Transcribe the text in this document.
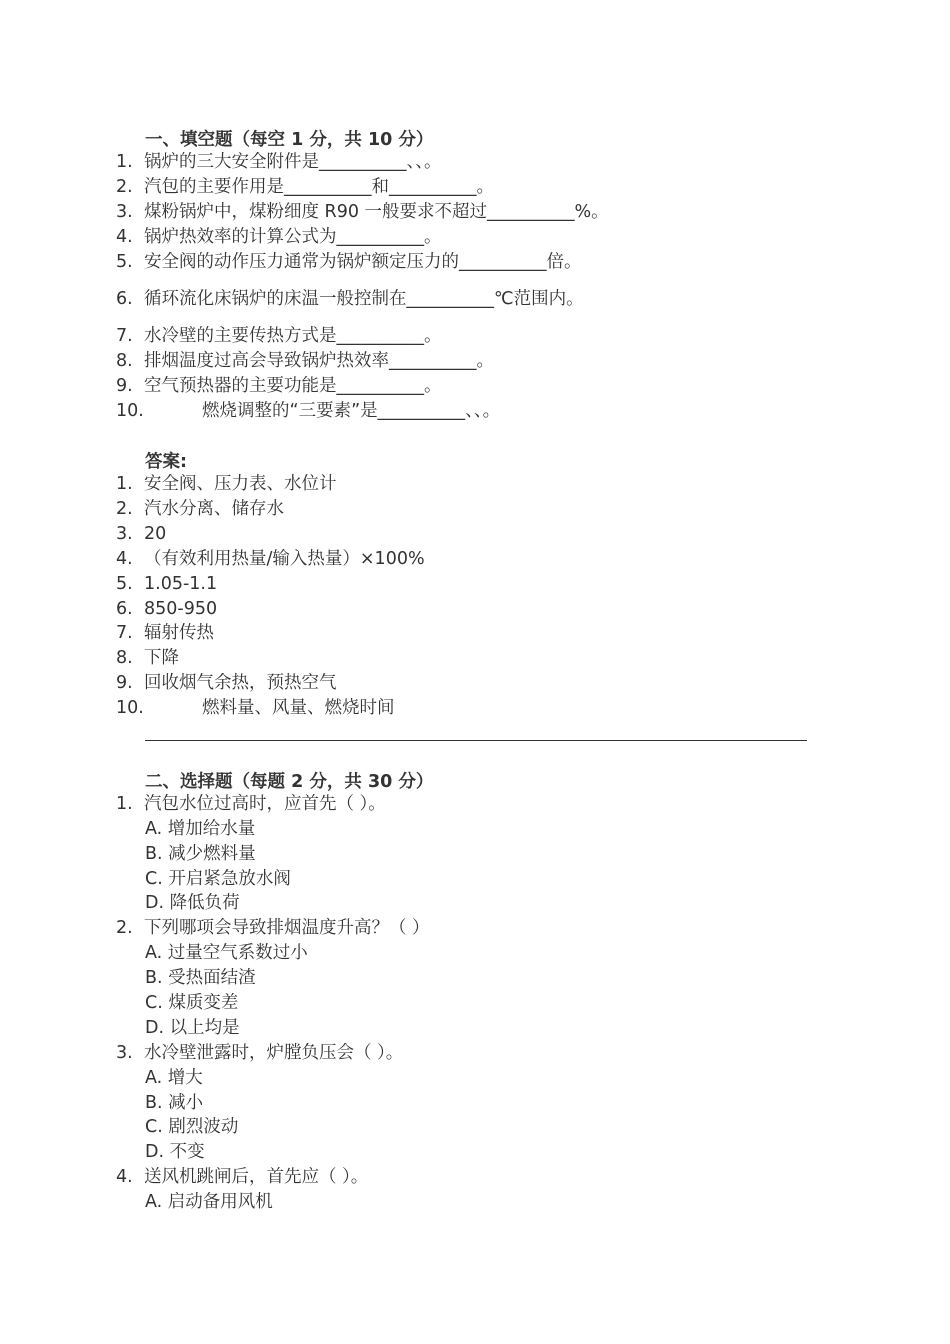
一、填空题（每空 1 分，共 10 分）
1. 锅炉的三大安全附件是__________、、。
2. 汽包的主要作用是__________和__________。
3. 煤粉锅炉中，煤粉细度 R90 一般要求不超过__________%。
4. 锅炉热效率的计算公式为__________。
5. 安全阀的动作压力通常为锅炉额定压力的__________倍。
6. 循环流化床锅炉的床温一般控制在__________℃范围内。
7. 水冷壁的主要传热方式是__________。
8. 排烟温度过高会导致锅炉热效率__________。
9. 空气预热器的主要功能是__________。
10.	燃烧调整的“三要素”是__________、、。
答案:
1. 安全阀、压力表、水位计
2. 汽水分离、储存水
3. 20
4. （有效利用热量/输入热量）×100%
5. 1.05-1.1
6. 850-950
7. 辐射传热
8. 下降
9. 回收烟气余热，预热空气
10.	燃料量、风量、燃烧时间
二、选择题（每题 2 分，共 30 分）
1. 汽包水位过高时，应首先（ ）。
A. 增加给水量
B. 减少燃料量
C. 开启紧急放水阀
D. 降低负荷
2. 下列哪项会导致排烟温度升高？（ ）
A. 过量空气系数过小
B. 受热面结渣
C. 煤质变差
D. 以上均是
3. 水冷壁泄露时，炉膛负压会（ ）。
A. 增大
B. 减小
C. 剧烈波动
D. 不变
4. 送风机跳闸后，首先应（ ）。
A. 启动备用风机
